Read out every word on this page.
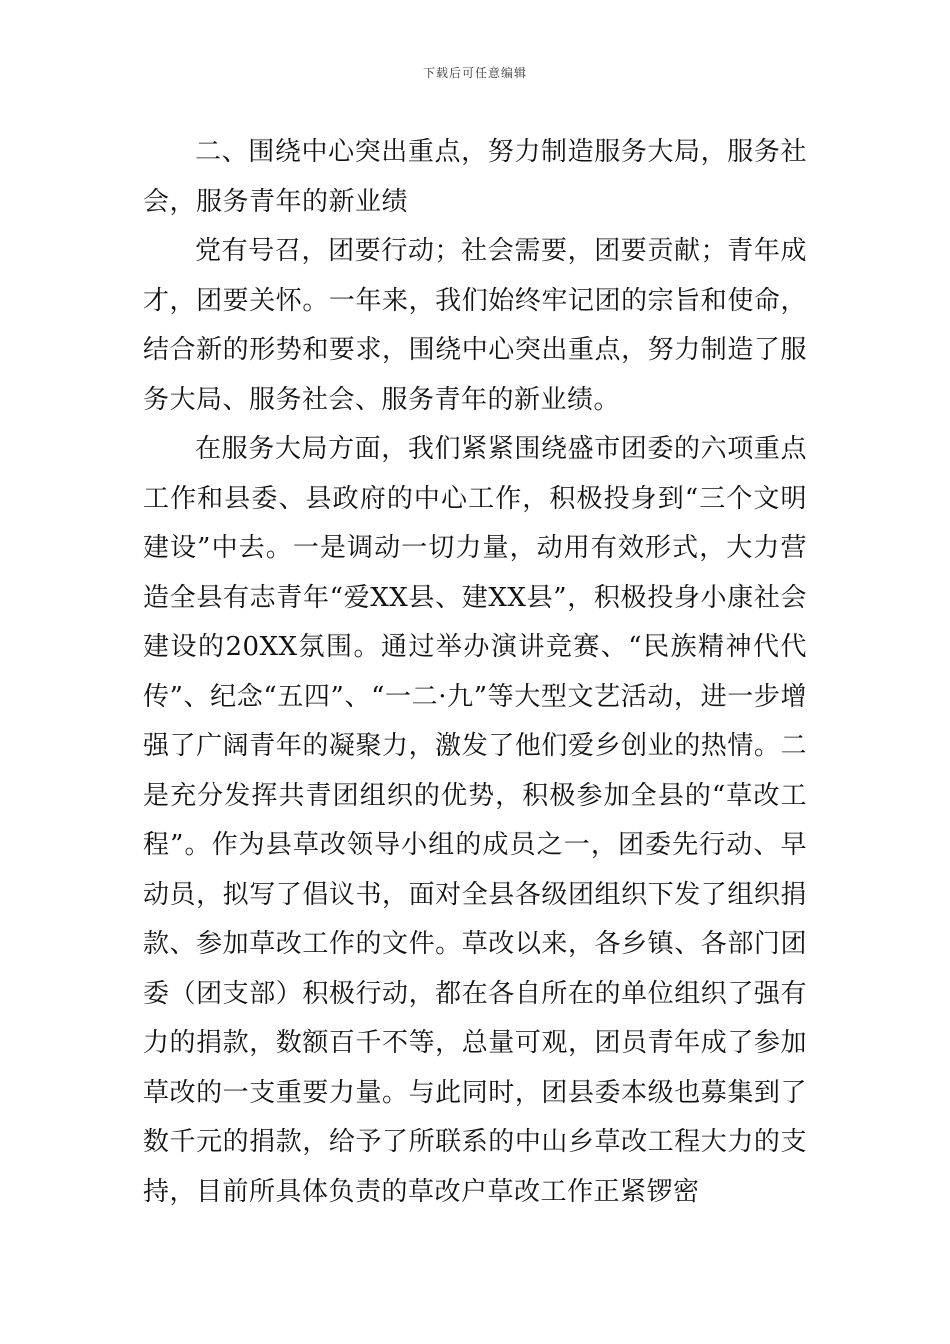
下载后可任意编辑

二、围绕中心突出重点，努力制造服务大局，服务社会，服务青年的新业绩

党有号召，团要行动；社会需要，团要贡献；青年成才，团要关怀。一年来，我们始终牢记团的宗旨和使命，结合新的形势和要求，围绕中心突出重点，努力制造了服务大局、服务社会、服务青年的新业绩。

在服务大局方面，我们紧紧围绕盛市团委的六项重点工作和县委、县政府的中心工作，积极投身到“三个文明建设”中去。一是调动一切力量，动用有效形式，大力营造全县有志青年“爱XX县、建XX县”，积极投身小康社会建设的20XX氛围。通过举办演讲竞赛、“民族精神代代传”、纪念“五四”、“一二·九”等大型文艺活动，进一步增强了广阔青年的凝聚力，激发了他们爱乡创业的热情。二是充分发挥共青团组织的优势，积极参加全县的“草改工程”。作为县草改领导小组的成员之一，团委先行动、早动员，拟写了倡议书，面对全县各级团组织下发了组织捐款、参加草改工作的文件。草改以来，各乡镇、各部门团委（团支部）积极行动，都在各自所在的单位组织了强有力的捐款，数额百千不等，总量可观，团员青年成了参加草改的一支重要力量。与此同时，团县委本级也募集到了数千元的捐款，给予了所联系的中山乡草改工程大力的支持，目前所具体负责的草改户草改工作正紧锣密
